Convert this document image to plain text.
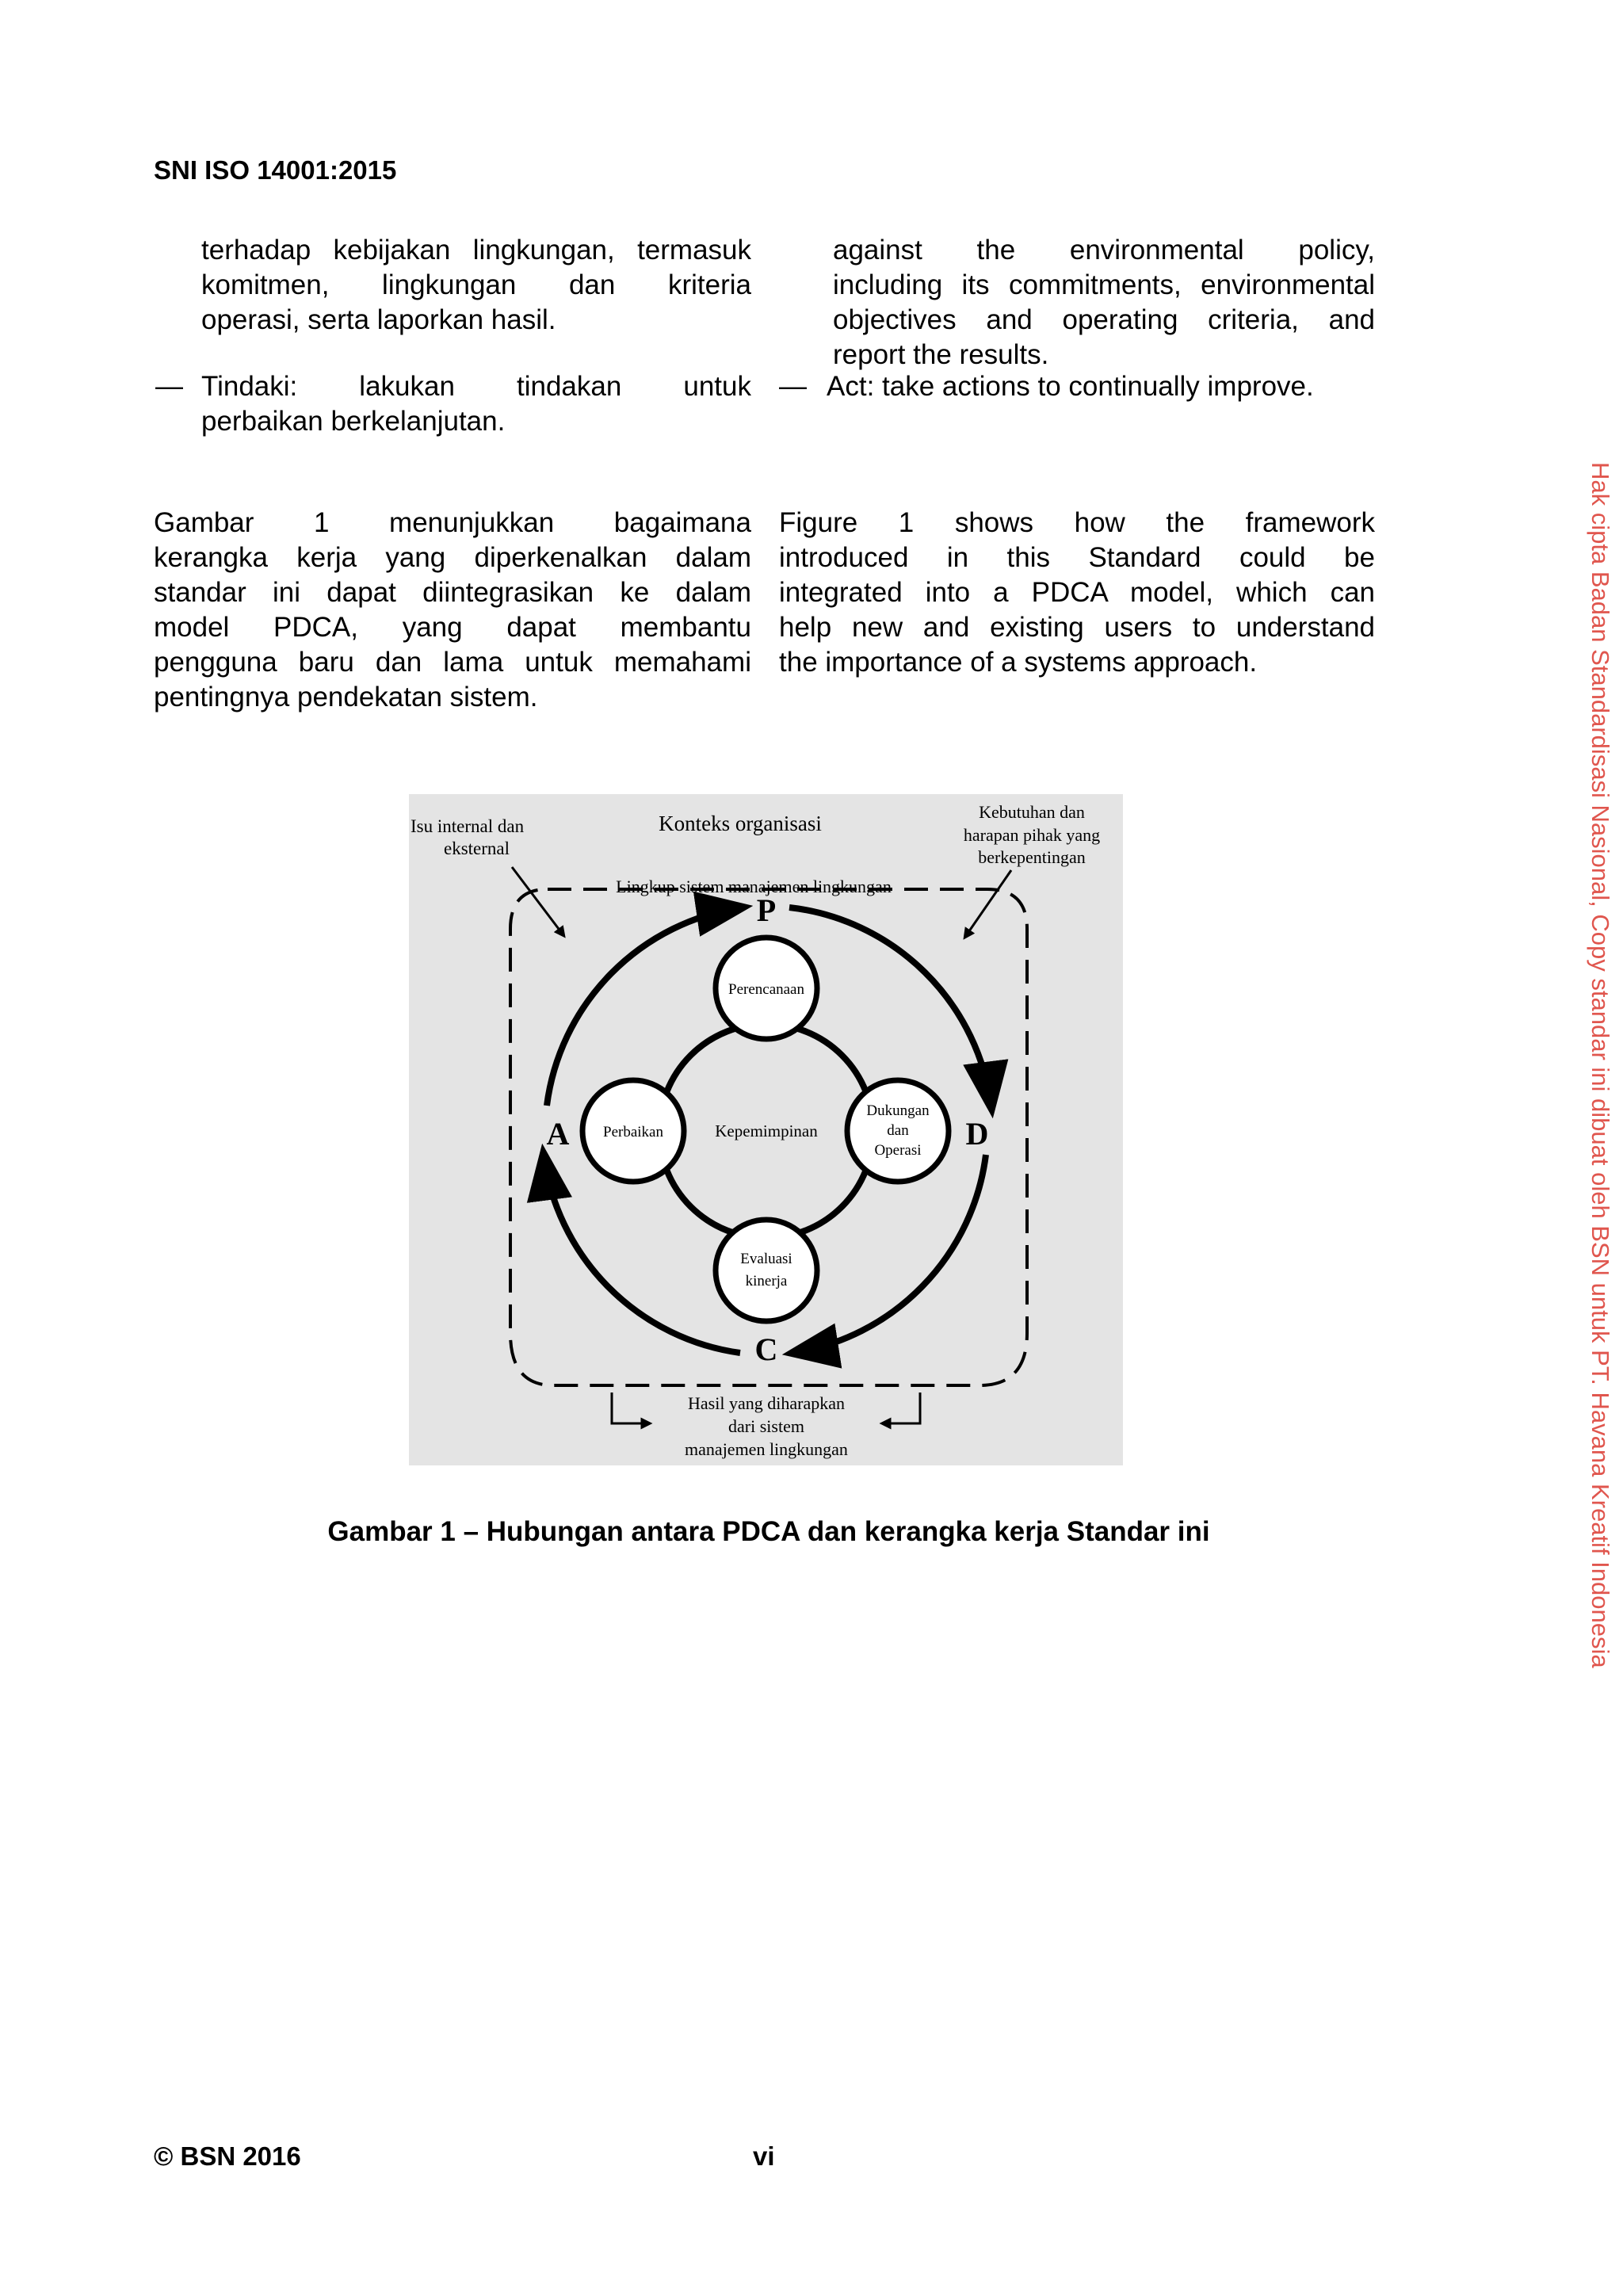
SNI ISO 14001:2015
terhadap kebijakan lingkungan, termasuk
komitmen, lingkungan dan kriteria
operasi, serta laporkan hasil.
— Tindaki: lakukan tindakan untuk
perbaikan berkelanjutan.
Gambar 1 menunjukkan bagaimana
kerangka kerja yang diperkenalkan dalam
standar ini dapat diintegrasikan ke dalam
model PDCA, yang dapat membantu
pengguna baru dan lama untuk memahami
pentingnya pendekatan sistem.
against the environmental policy,
including its commitments, environmental
objectives and operating criteria, and
report the results.
— Act: take actions to continually improve.
Figure 1 shows how the framework
introduced in this Standard could be
integrated into a PDCA model, which can
help new and existing users to understand
the importance of a systems approach.
Konteks organisasi
Isu internal dan
eksternal
Kebutuhan dan
harapan pihak yang
berkepentingan
Lingkup sistem manajemen lingkungan
P
D
C
A	Kepemimpinan
Perencanaan
Perbaikan
Dukungan
dan
Operasi
Evaluasi
kinerja
Hasil yang diharapkan
dari sistem
manajemen lingkungan
Gambar 1 – Hubungan antara PDCA dan kerangka kerja Standar ini
© BSN 2016	vi
Hak cipta Badan Standardisasi Nasional, Copy standar ini dibuat oleh BSN untuk PT. Havana Kreatif Indonesia
